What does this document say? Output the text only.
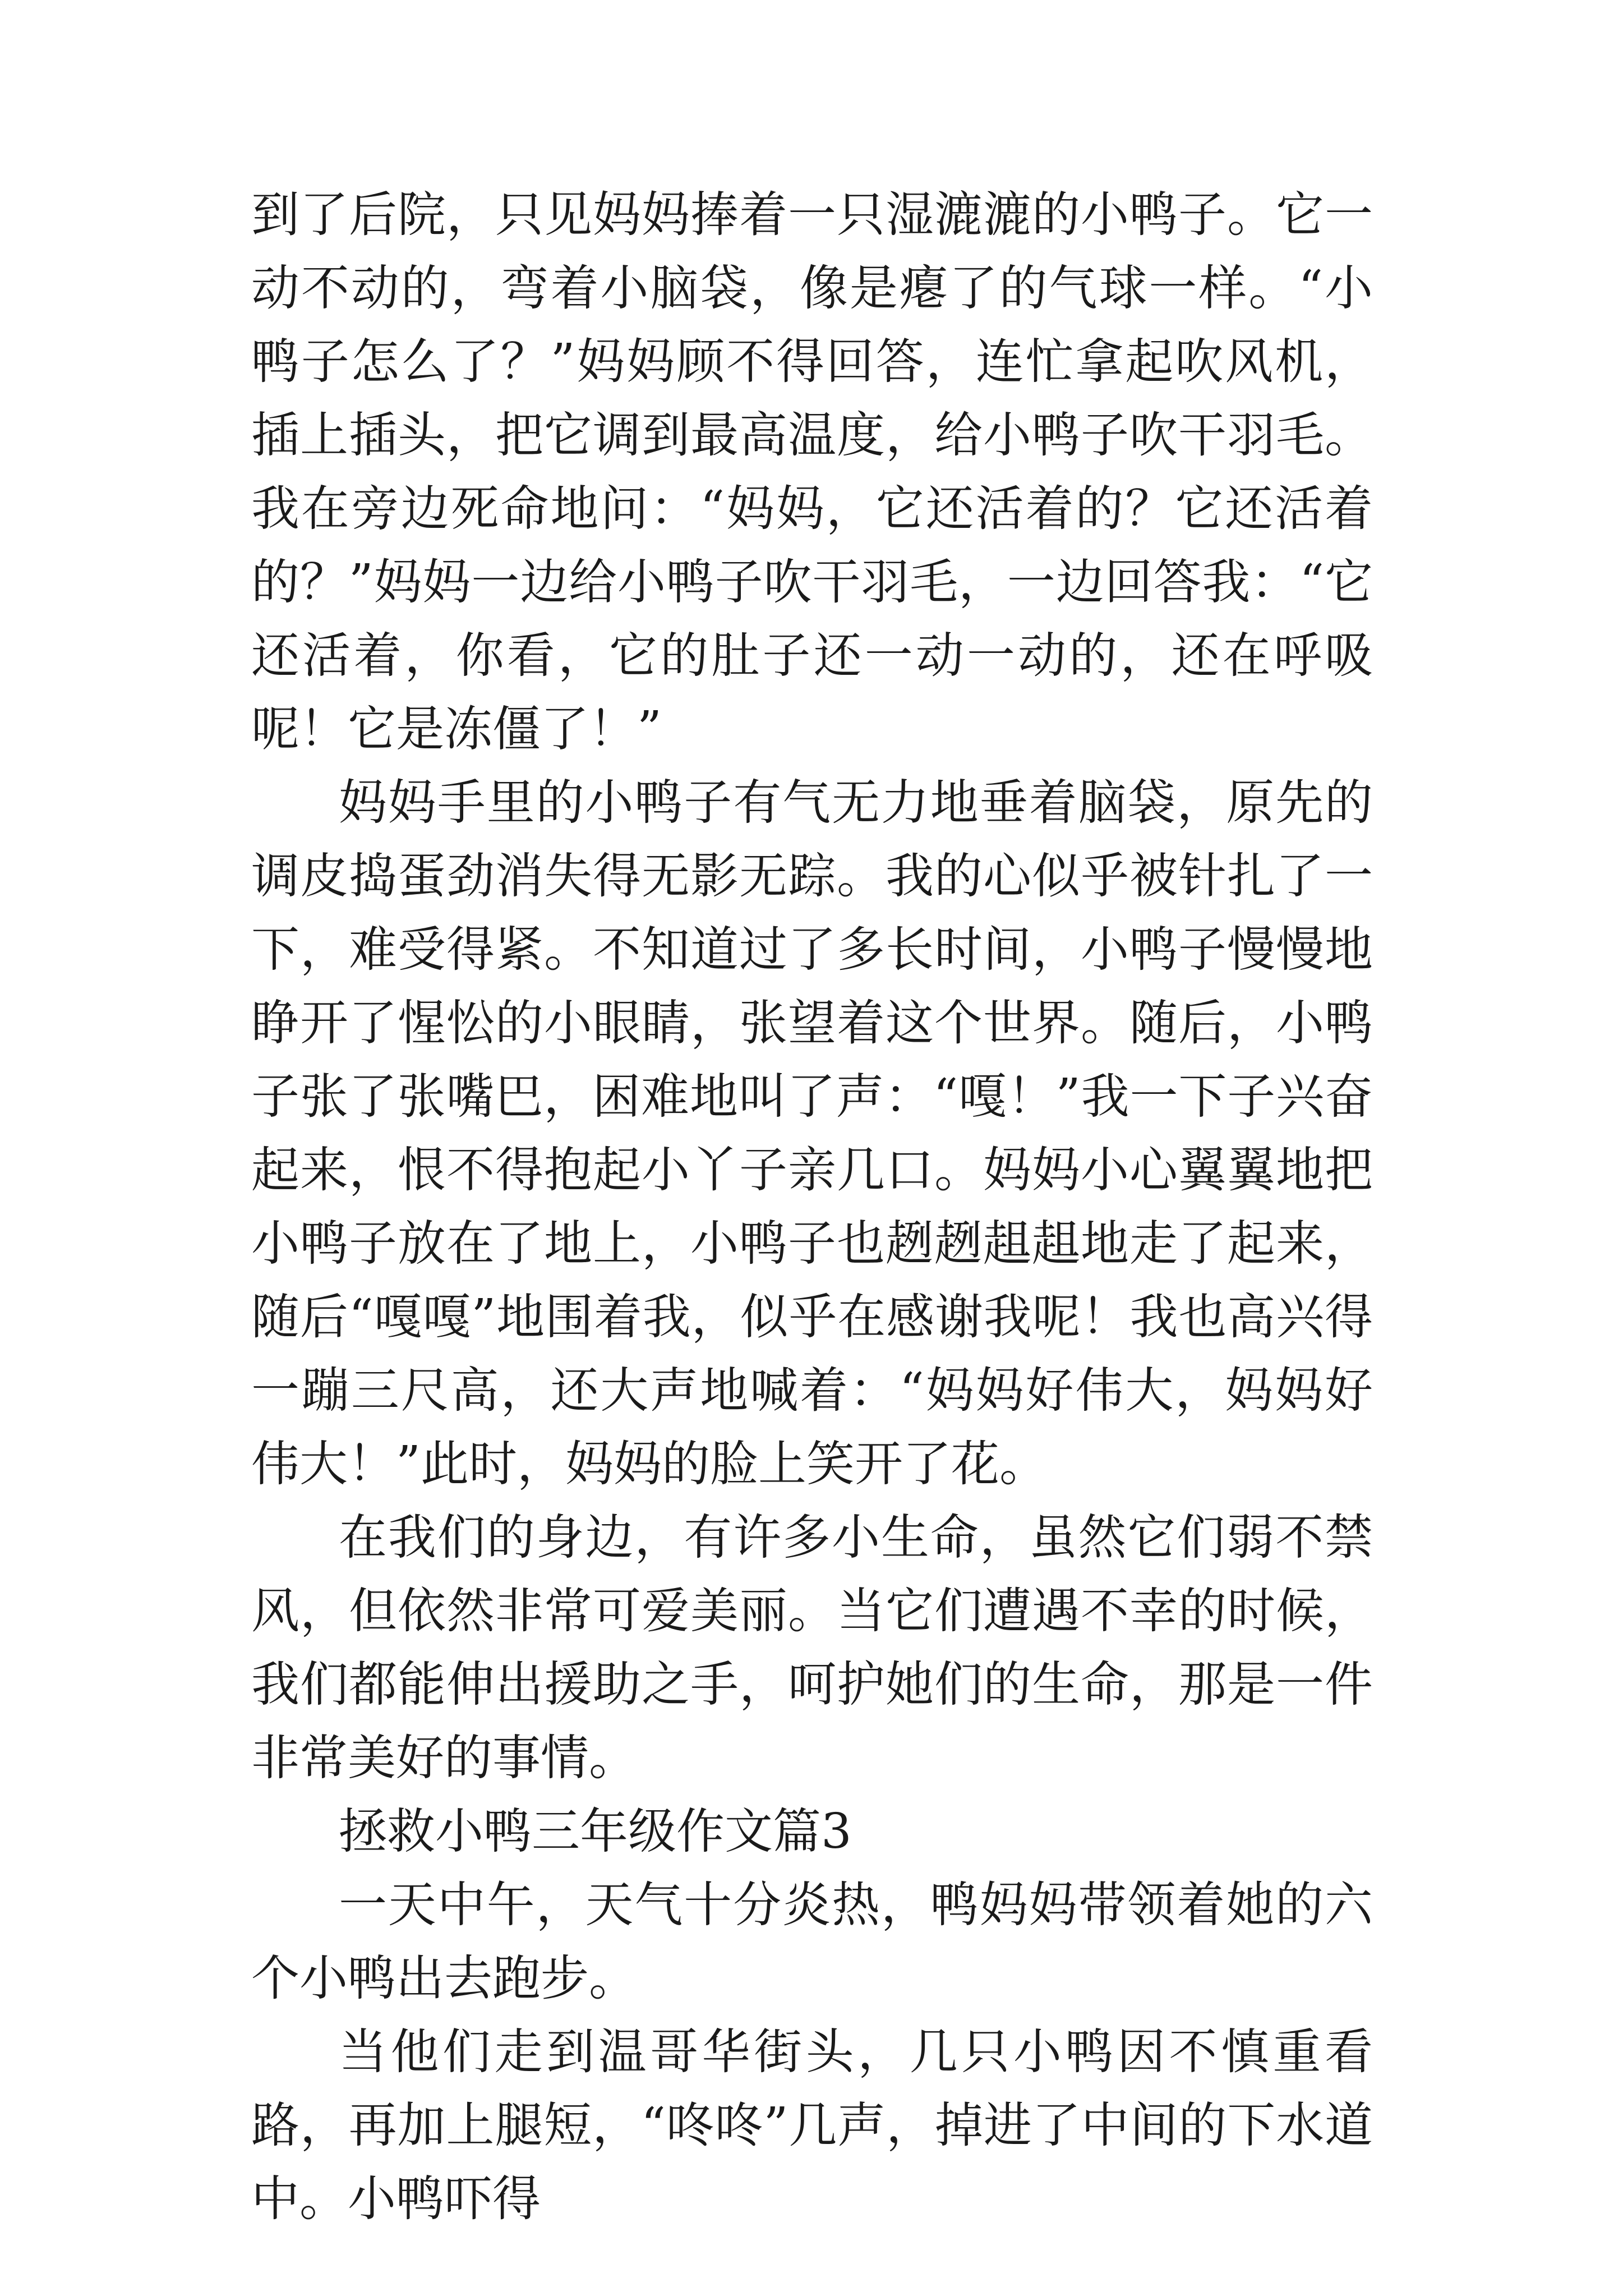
到了后院，只见妈妈捧着一只湿漉漉的小鸭子。它一动不动的，弯着小脑袋，像是瘪了的气球一样。“小鸭子怎么了？”妈妈顾不得回答，连忙拿起吹风机，插上插头，把它调到最高温度，给小鸭子吹干羽毛。我在旁边死命地问：“妈妈，它还活着的？它还活着的？”妈妈一边给小鸭子吹干羽毛，一边回答我：“它还活着，你看，它的肚子还一动一动的，还在呼吸呢！它是冻僵了！”

妈妈手里的小鸭子有气无力地垂着脑袋，原先的调皮捣蛋劲消失得无影无踪。我的心似乎被针扎了一下，难受得紧。不知道过了多长时间，小鸭子慢慢地睁开了惺忪的小眼睛，张望着这个世界。随后，小鸭子张了张嘴巴，困难地叫了声：“嘎！”我一下子兴奋起来，恨不得抱起小丫子亲几口。妈妈小心翼翼地把小鸭子放在了地上，小鸭子也趔趔趄趄地走了起来，随后“嘎嘎”地围着我，似乎在感谢我呢！我也高兴得一蹦三尺高，还大声地喊着：“妈妈好伟大，妈妈好伟大！”此时，妈妈的脸上笑开了花。

在我们的身边，有许多小生命，虽然它们弱不禁风，但依然非常可爱美丽。当它们遭遇不幸的时候，我们都能伸出援助之手，呵护她们的生命，那是一件非常美好的事情。

拯救小鸭三年级作文篇3

一天中午，天气十分炎热，鸭妈妈带领着她的六个小鸭出去跑步。

当他们走到温哥华街头，几只小鸭因不慎重看路，再加上腿短，“咚咚”几声，掉进了中间的下水道中。小鸭吓得
